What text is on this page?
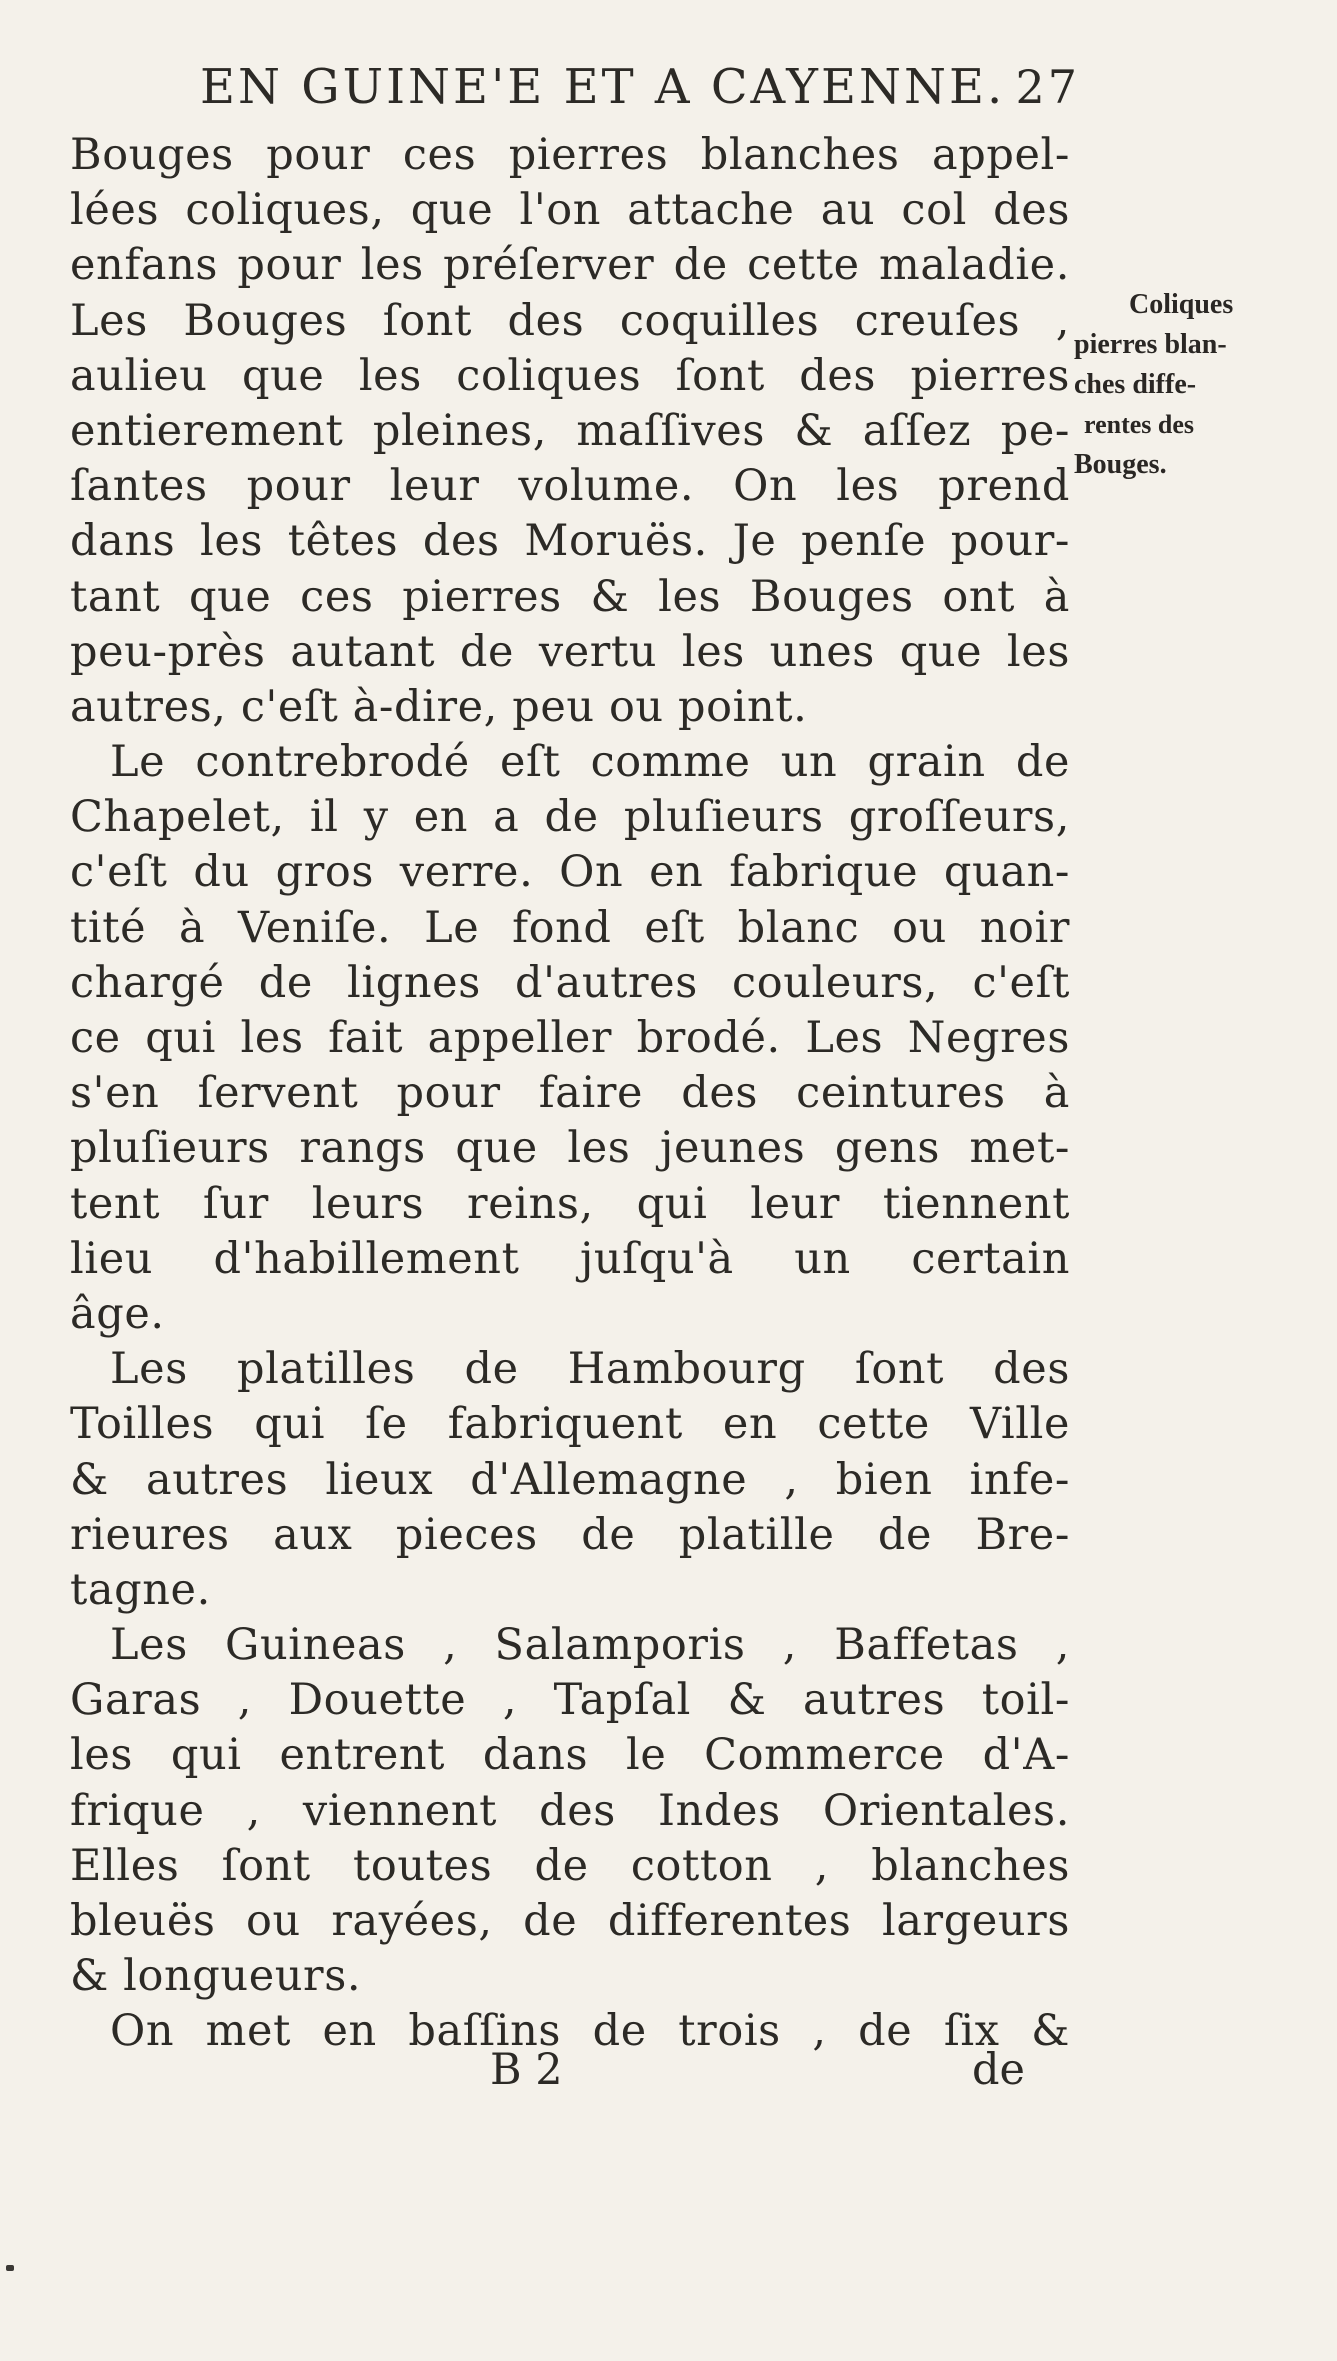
EN GUINE'E ET A CAYENNE. 27
Bouges pour ces pierres blanches appel-
lées coliques, que l'on attache au col des
enfans pour les préſerver de cette maladie.
Les Bouges ſont des coquilles creuſes ,
aulieu que les coliques ſont des pierres
entierement pleines, maſſives & aſſez pe-
ſantes pour leur volume. On les prend
dans les têtes des Moruës. Je penſe pour-
tant que ces pierres & les Bouges ont à
peu-près autant de vertu les unes que les
autres, c'eſt à-dire, peu ou point.
Le contrebrodé eſt comme un grain de
Chapelet, il y en a de pluſieurs groſſeurs,
c'eſt du gros verre. On en fabrique quan-
tité à Veniſe. Le fond eſt blanc ou noir
chargé de lignes d'autres couleurs, c'eſt
ce qui les fait appeller brodé. Les Negres
s'en ſervent pour faire des ceintures à
pluſieurs rangs que les jeunes gens met-
tent ſur leurs reins, qui leur tiennent
lieu d'habillement juſqu'à un certain
âge.
Les platilles de Hambourg ſont des
Toilles qui ſe fabriquent en cette Ville
& autres lieux d'Allemagne , bien infe-
rieures aux pieces de platille de Bre-
tagne.
Les Guineas , Salamporis , Baffetas ,
Garas , Douette , Tapſal & autres toil-
les qui entrent dans le Commerce d'A-
frique , viennent des Indes Orientales.
Elles ſont toutes de cotton , blanches
bleuës ou rayées, de differentes largeurs
& longueurs.
On met en baſſins de trois , de ſix &
Coliques
pierres blan-
ches diffe-
rentes des
Bouges.
B 2	de
